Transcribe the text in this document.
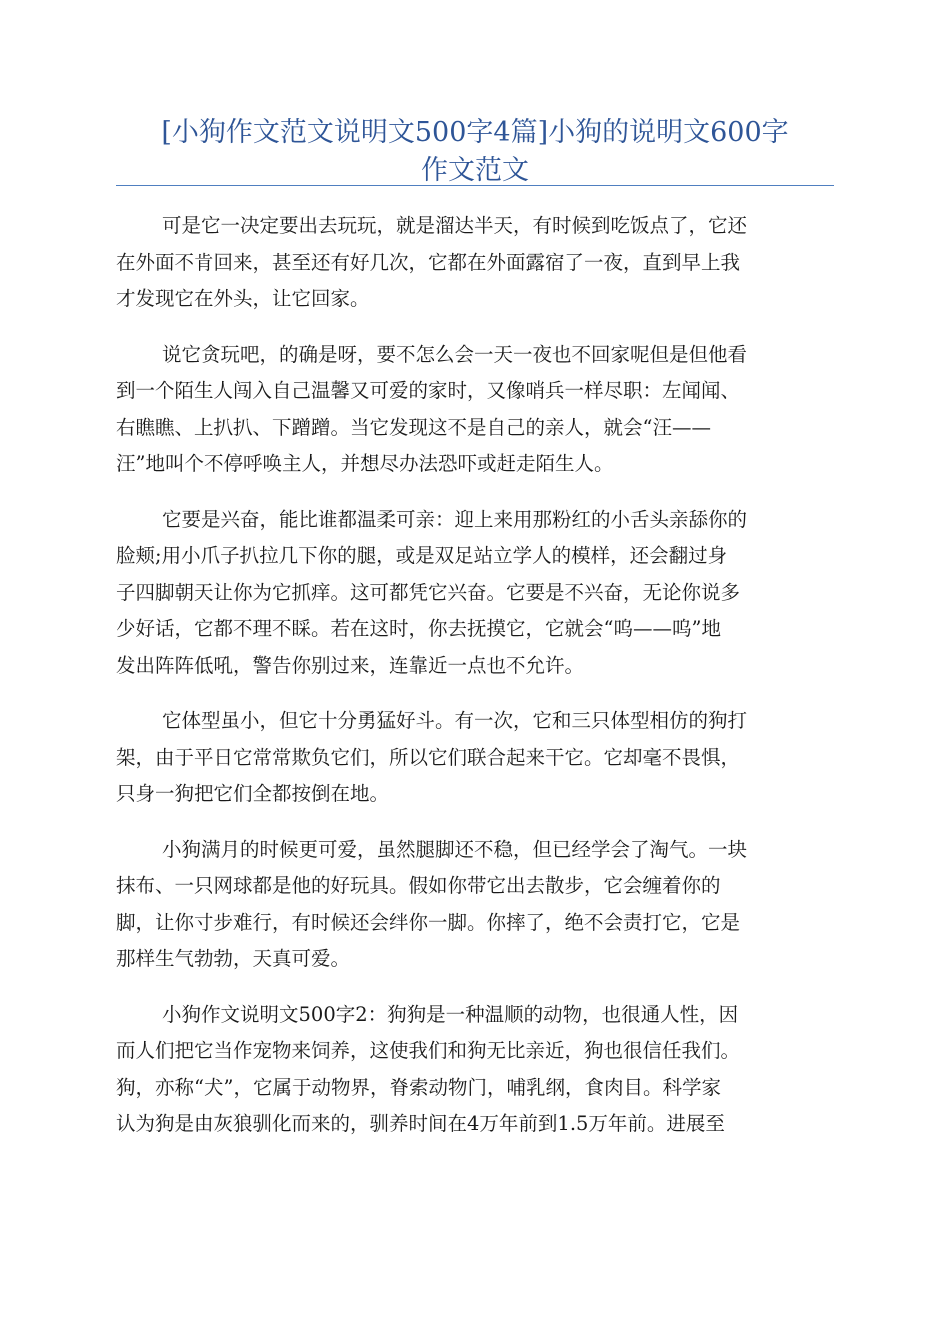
[小狗作文范文说明文500字4篇]小狗的说明文600字
作文范文

可是它一决定要出去玩玩，就是溜达半天，有时候到吃饭点了，它还
在外面不肯回来，甚至还有好几次，它都在外面露宿了一夜，直到早上我
才发现它在外头，让它回家。

说它贪玩吧，的确是呀，要不怎么会一天一夜也不回家呢但是但他看
到一个陌生人闯入自己温馨又可爱的家时，又像哨兵一样尽职：左闻闻、
右瞧瞧、上扒扒、下蹭蹭。当它发现这不是自己的亲人，就会“汪——
汪”地叫个不停呼唤主人，并想尽办法恐吓或赶走陌生人。

它要是兴奋，能比谁都温柔可亲：迎上来用那粉红的小舌头亲舔你的
脸颊;用小爪子扒拉几下你的腿，或是双足站立学人的模样，还会翻过身
子四脚朝天让你为它抓痒。这可都凭它兴奋。它要是不兴奋，无论你说多
少好话，它都不理不睬。若在这时，你去抚摸它，它就会“呜——呜”地
发出阵阵低吼，警告你别过来，连靠近一点也不允许。

它体型虽小，但它十分勇猛好斗。有一次，它和三只体型相仿的狗打
架，由于平日它常常欺负它们，所以它们联合起来干它。它却毫不畏惧，
只身一狗把它们全都按倒在地。

小狗满月的时候更可爱，虽然腿脚还不稳，但已经学会了淘气。一块
抹布、一只网球都是他的好玩具。假如你带它出去散步，它会缠着你的
脚，让你寸步难行，有时候还会绊你一脚。你摔了，绝不会责打它，它是
那样生气勃勃，天真可爱。

小狗作文说明文500字2：狗狗是一种温顺的动物，也很通人性，因
而人们把它当作宠物来饲养，这使我们和狗无比亲近，狗也很信任我们。
狗，亦称“犬”，它属于动物界，脊索动物门，哺乳纲，食肉目。科学家
认为狗是由灰狼驯化而来的，驯养时间在4万年前到1.5万年前。进展至
